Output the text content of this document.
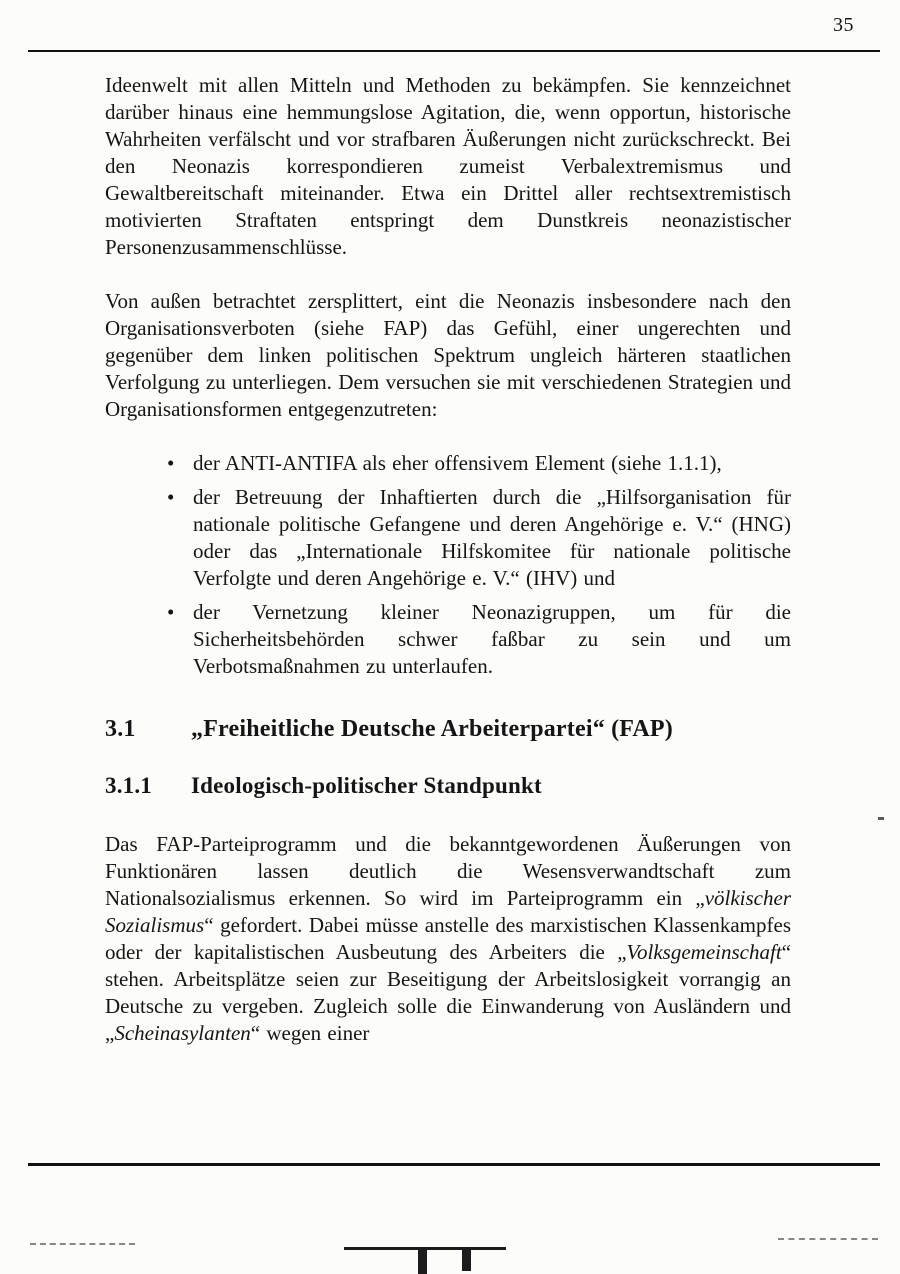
35

Ideenwelt mit allen Mitteln und Methoden zu bekämpfen. Sie kennzeichnet darüber hinaus eine hemmungslose Agitation, die, wenn opportun, historische Wahrheiten verfälscht und vor strafbaren Äußerungen nicht zurückschreckt. Bei den Neonazis korrespondieren zumeist Verbalextremismus und Gewaltbereitschaft miteinander. Etwa ein Drittel aller rechtsextremistisch motivierten Straftaten entspringt dem Dunstkreis neonazistischer Personenzusammenschlüsse.

Von außen betrachtet zersplittert, eint die Neonazis insbesondere nach den Organisationsverboten (siehe FAP) das Gefühl, einer ungerechten und gegenüber dem linken politischen Spektrum ungleich härteren staatlichen Verfolgung zu unterliegen. Dem versuchen sie mit verschiedenen Strategien und Organisationsformen entgegenzutreten:

• der ANTI-ANTIFA als eher offensivem Element (siehe 1.1.1),
• der Betreuung der Inhaftierten durch die „Hilfsorganisation für nationale politische Gefangene und deren Angehörige e. V.“ (HNG) oder das „Internationale Hilfskomitee für nationale politische Verfolgte und deren Angehörige e. V.“ (IHV) und
• der Vernetzung kleiner Neonazigruppen, um für die Sicherheitsbehörden schwer faßbar zu sein und um Verbotsmaßnahmen zu unterlaufen.
3.1	„Freiheitliche Deutsche Arbeiterpartei“ (FAP)
3.1.1	Ideologisch-politischer Standpunkt

Das FAP-Parteiprogramm und die bekanntgewordenen Äußerungen von Funktionären lassen deutlich die Wesensverwandtschaft zum Nationalsozialismus erkennen. So wird im Parteiprogramm ein „völkischer Sozialismus“ gefordert. Dabei müsse anstelle des marxistischen Klassenkampfes oder der kapitalistischen Ausbeutung des Arbeiters die „Volksgemeinschaft“ stehen. Arbeitsplätze seien zur Beseitigung der Arbeitslosigkeit vorrangig an Deutsche zu vergeben. Zugleich solle die Einwanderung von Ausländern und „Scheinasylanten“ wegen einer
